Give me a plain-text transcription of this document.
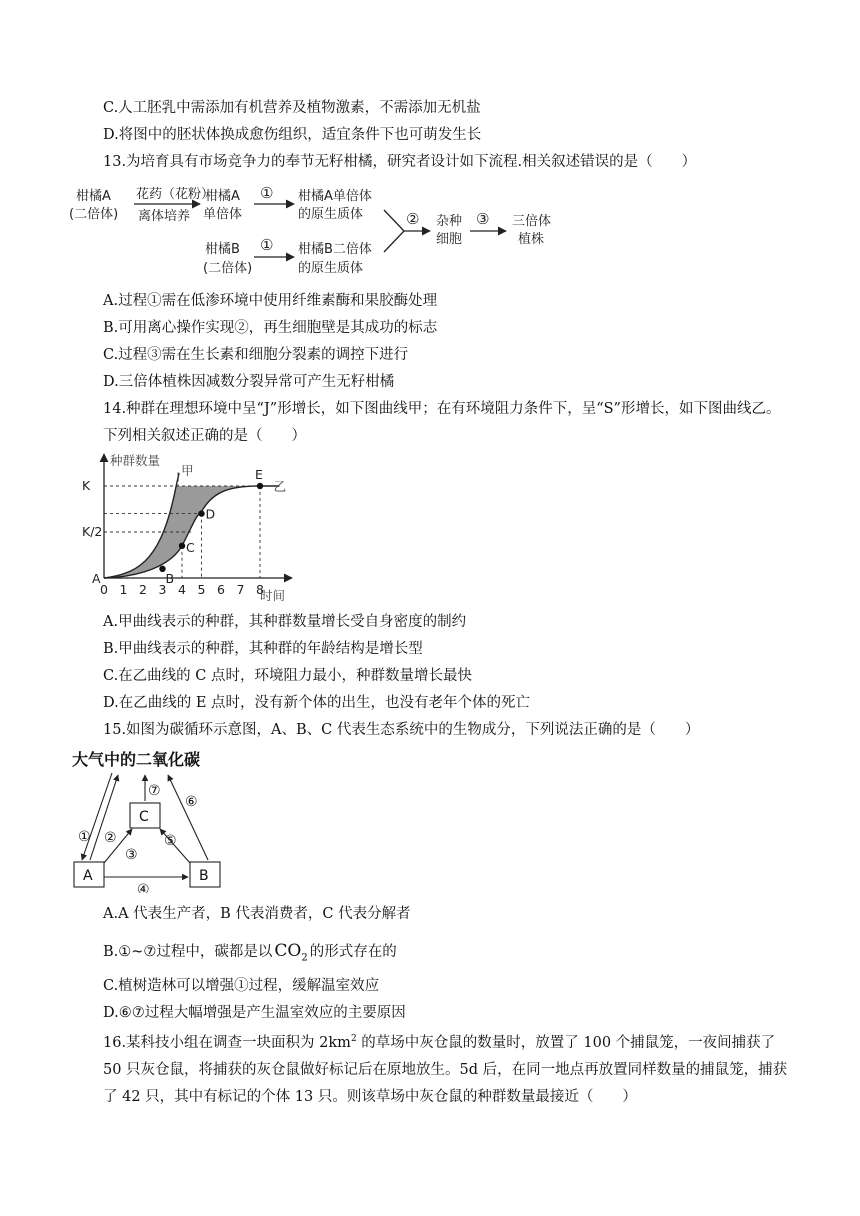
C.人工胚乳中需添加有机营养及植物激素，不需添加无机盐
D.将图中的胚状体换成愈伤组织，适宜条件下也可萌发生长
13.为培育具有市场竞争力的奉节无籽柑橘，研究者设计如下流程.相关叙述错误的是（　　）
柑橘A
(二倍体)
花药（花粉）
离体培养
柑橘A
单倍体
① 柑橘A单倍体
的原生质体
柑橘B
(二倍体)
① 柑橘B二倍体
的原生质体
② 杂种
细胞
③ 三倍体
植株
A.过程①需在低渗环境中使用纤维素酶和果胶酶处理
B.可用离心操作实现②，再生细胞壁是其成功的标志
C.过程③需在生长素和细胞分裂素的调控下进行
D.三倍体植株因减数分裂异常可产生无籽柑橘
14.种群在理想环境中呈“J”形增长，如下图曲线甲；在有环境阻力条件下，呈“S”形增长，如下图曲线乙。
下列相关叙述正确的是（　　）
0 1 2 3 4 5 6 7 8
K/2
K
A	B
C
D
E
种群数量
时间
甲
乙
A.甲曲线表示的种群，其种群数量增长受自身密度的制约
B.甲曲线表示的种群，其种群的年龄结构是增长型
C.在乙曲线的 C 点时，环境阻力最小，种群数量增长最快
D.在乙曲线的 E 点时，没有新个体的出生，也没有老年个体的死亡
15.如图为碳循环示意图，A、B、C 代表生态系统中的生物成分，下列说法正确的是（　　）
大气中的二氧化碳
C
A	B
① ②
⑦
⑥
③
⑤
④
A.A 代表生产者，B 代表消费者，C 代表分解者
B.①~⑦过程中，碳都是以 $CO_2$ 的形式存在的
C.植树造林可以增强①过程，缓解温室效应
D.⑥⑦过程大幅增强是产生温室效应的主要原因
16.某科技小组在调查一块面积为 $2km^2$ 的草场中灰仓鼠的数量时，放置了 100 个捕鼠笼，一夜间捕获了 50 只灰仓鼠，将捕获的灰仓鼠做好标记后在原地放生。5d 后，在同一地点再放置同样数量的捕鼠笼，捕获了 42 只，其中有标记的个体 13 只。则该草场中灰仓鼠的种群数量最接近（　　）
